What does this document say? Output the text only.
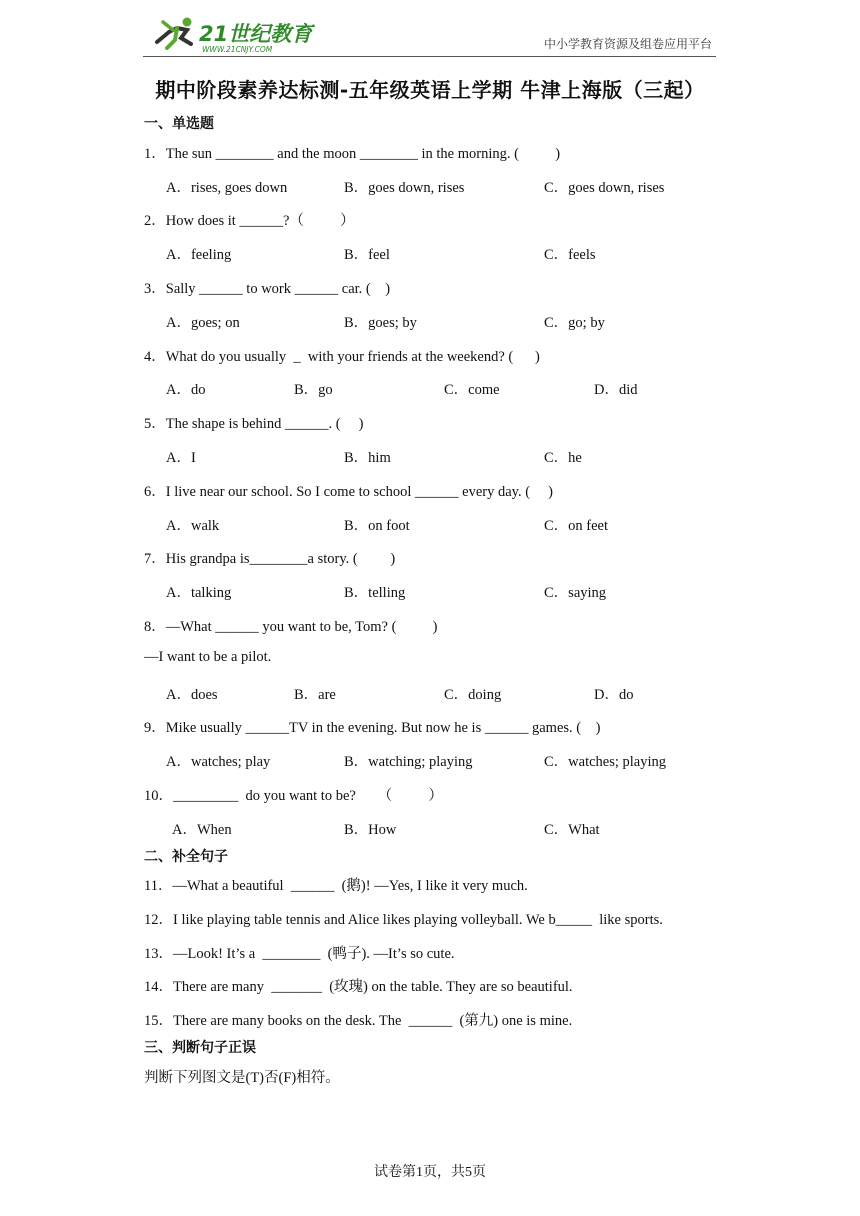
21世纪教育
WWW.21CNJY.COM	中小学教育资源及组卷应用平台
期中阶段素养达标测-五年级英语上学期 牛津上海版（三起）
一、单选题
1．The sun ________ and the moon ________ in the morning. (          )
A．rises, goes down	B．goes down, rises	C．goes down, rises
2．How does it ______?（          ）
A．feeling	B．feel	C．feels
3．Sally ______ to work ______ car. (    )
A．goes; on	B．goes; by	C．go; by
4．What do you usually  _  with your friends at the weekend? (      )
A．do	B．go	C．come	D．did
5．The shape is behind ______. (     )
A．I	B．him	C．he
6．I live near our school. So I come to school ______ every day. (     )
A．walk	B．on foot	C．on feet
7．His grandpa is________a story. (         )
A．talking	B．telling	C．saying
8．—What ______ you want to be, Tom? (          )
—I want to be a pilot.
A．does	B．are	C．doing	D．do
9．Mike usually ______TV in the evening. But now he is ______ games. (    )
A．watches; play	B．watching; playing	C．watches; playing
10．_________  do you want to be?      （          ）
A．When	B．How	C．What
二、补全句子
11．—What a beautiful  ______  (鹅)! —Yes, I like it very much.
12．I like playing table tennis and Alice likes playing volleyball. We b_____  like sports.
13．—Look! It’s a  ________  (鸭子). —It’s so cute.
14．There are many  _______  (玫瑰) on the table. They are so beautiful.
15．There are many books on the desk. The  ______  (第九) one is mine.
三、判断句子正误
判断下列图文是(T)否(F)相符。
试卷第1页，共5页
